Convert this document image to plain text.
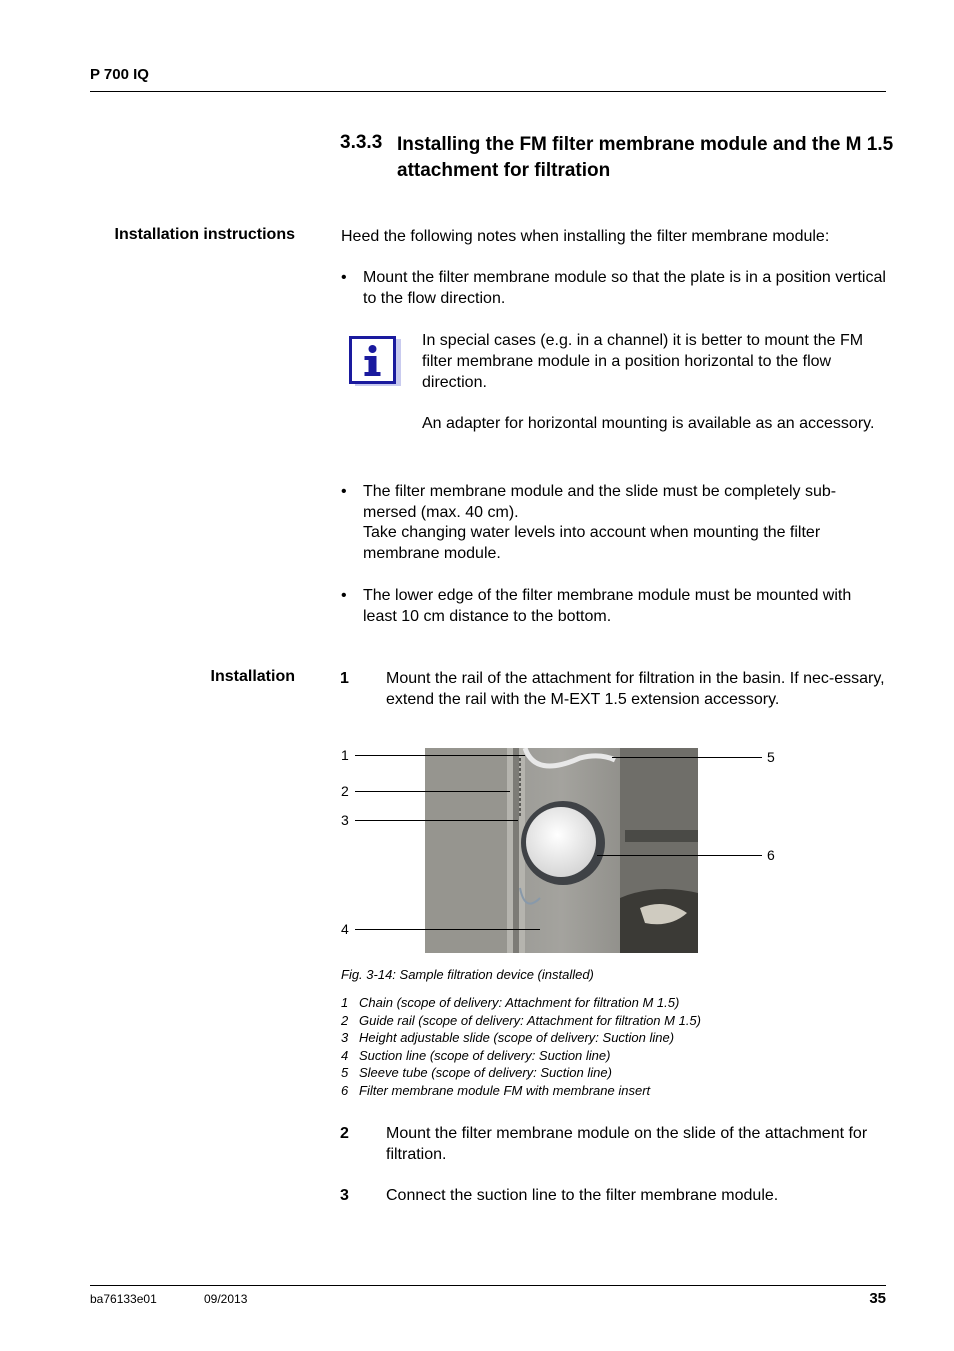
P 700 IQ
3.3.3 Installing the FM filter membrane module and the M 1.5 attachment for filtration
Installation instructions	Heed the following notes when installing the filter membrane module:
• Mount the filter membrane module so that the plate is in a position vertical to the flow direction.
In special cases (e.g. in a channel) it is better to mount the FM filter membrane module in a position horizontal to the flow direction.
An adapter for horizontal mounting is available as an accessory.
• The filter membrane module and the slide must be completely sub-mersed (max. 40 cm).
Take changing water levels into account when mounting the filter membrane module.
• The lower edge of the filter membrane module must be mounted with least 10 cm distance to the bottom.
Installation	1 Mount the rail of the attachment for filtration in the basin. If nec-essary, extend the rail with the M-EXT 1.5 extension accessory.
1
2
3
4
5
6
Fig. 3-14: Sample filtration device (installed)
1 Chain (scope of delivery: Attachment for filtration M 1.5)
2 Guide rail (scope of delivery: Attachment for filtration M 1.5)
3 Height adjustable slide (scope of delivery: Suction line)
4 Suction line (scope of delivery: Suction line)
5 Sleeve tube (scope of delivery: Suction line)
6 Filter membrane module FM with membrane insert
2 Mount the filter membrane module on the slide of the attachment for filtration.
3 Connect the suction line to the filter membrane module.
ba76133e01	09/2013	35
